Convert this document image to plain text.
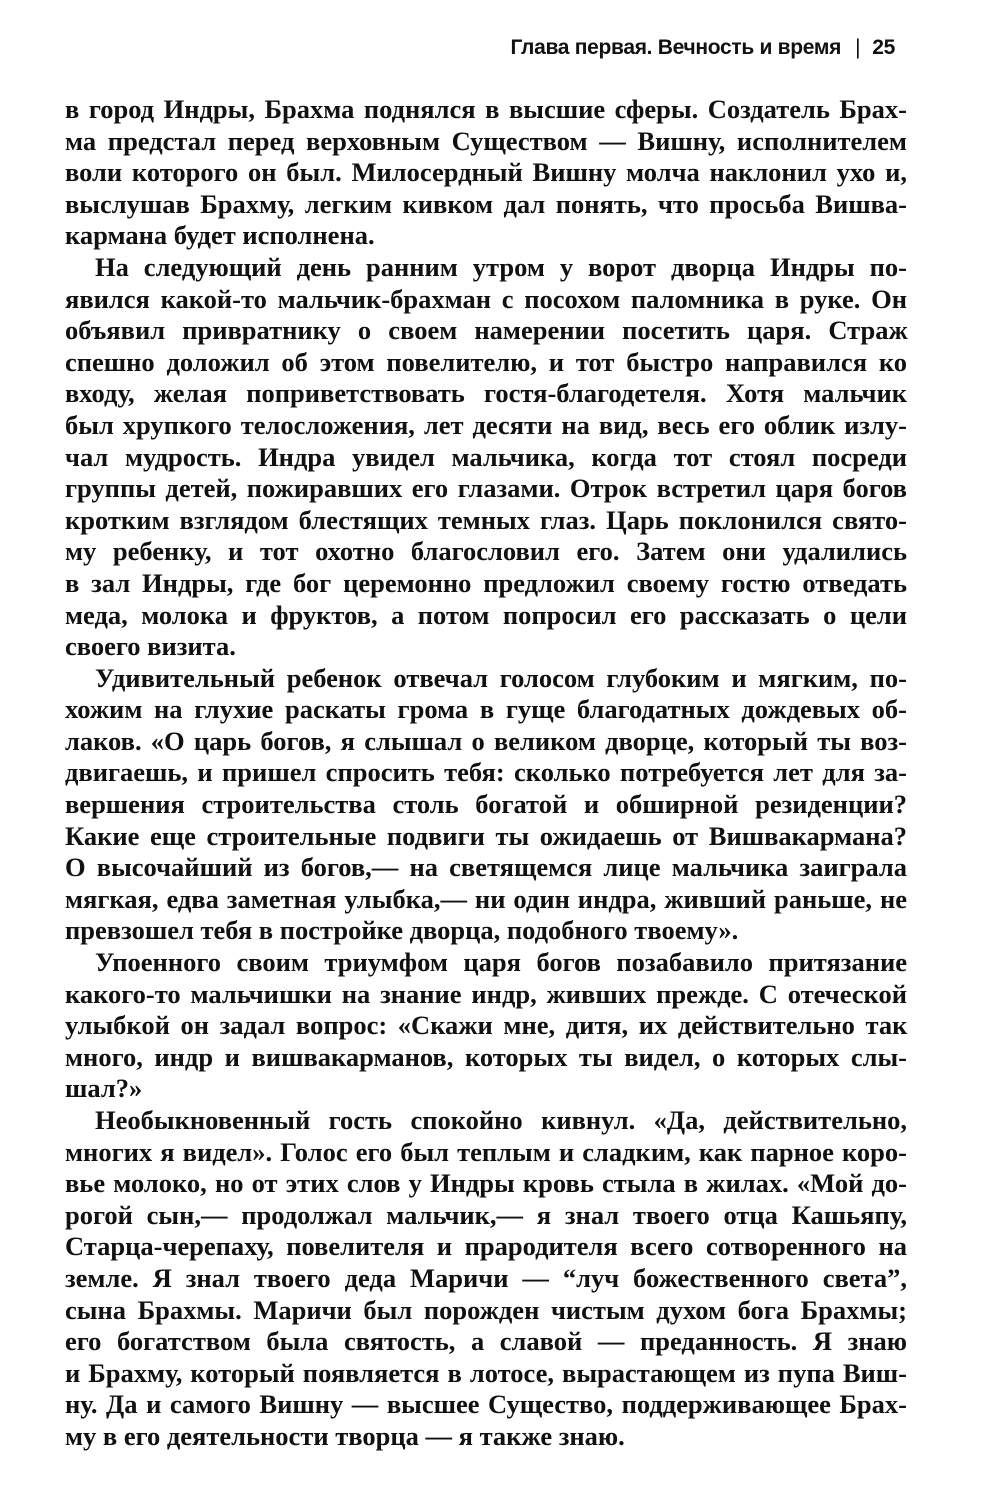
Глава первая. Вечность и время | 25
в город Индры, Брахма поднялся в высшие сферы. Создатель Брах-
ма предстал перед верховным Существом — Вишну, исполнителем
воли которого он был. Милосердный Вишну молча наклонил ухо и,
выслушав Брахму, легким кивком дал понять, что просьба Вишва-
кармана будет исполнена.
На следующий день ранним утром у ворот дворца Индры по-
явился какой-то мальчик-брахман с посохом паломника в руке. Он
объявил привратнику о своем намерении посетить царя. Страж
спешно доложил об этом повелителю, и тот быстро направился ко
входу, желая поприветствовать гостя-благодетеля. Хотя мальчик
был хрупкого телосложения, лет десяти на вид, весь его облик излу-
чал мудрость. Индра увидел мальчика, когда тот стоял посреди
группы детей, пожиравших его глазами. Отрок встретил царя богов
кротким взглядом блестящих темных глаз. Царь поклонился свято-
му ребенку, и тот охотно благословил его. Затем они удалились
в зал Индры, где бог церемонно предложил своему гостю отведать
меда, молока и фруктов, а потом попросил его рассказать о цели
своего визита.
Удивительный ребенок отвечал голосом глубоким и мягким, по-
хожим на глухие раскаты грома в гуще благодатных дождевых об-
лаков. «О царь богов, я слышал о великом дворце, который ты воз-
двигаешь, и пришел спросить тебя: сколько потребуется лет для за-
вершения строительства столь богатой и обширной резиденции?
Какие еще строительные подвиги ты ожидаешь от Вишвакармана?
О высочайший из богов,— на светящемся лице мальчика заиграла
мягкая, едва заметная улыбка,— ни один индра, живший раньше, не
превзошел тебя в постройке дворца, подобного твоему».
Упоенного своим триумфом царя богов позабавило притязание
какого-то мальчишки на знание индр, живших прежде. С отеческой
улыбкой он задал вопрос: «Скажи мне, дитя, их действительно так
много, индр и вишвакарманов, которых ты видел, о которых слы-
шал?»
Необыкновенный гость спокойно кивнул. «Да, действительно,
многих я видел». Голос его был теплым и сладким, как парное коро-
вье молоко, но от этих слов у Индры кровь стыла в жилах. «Мой до-
рогой сын,— продолжал мальчик,— я знал твоего отца Кашьяпу,
Старца-черепаху, повелителя и прародителя всего сотворенного на
земле. Я знал твоего деда Маричи — “луч божественного света”,
сына Брахмы. Маричи был порожден чистым духом бога Брахмы;
его богатством была святость, а славой — преданность. Я знаю
и Брахму, который появляется в лотосе, вырастающем из пупа Виш-
ну. Да и самого Вишну — высшее Существо, поддерживающее Брах-
му в его деятельности творца — я также знаю.
